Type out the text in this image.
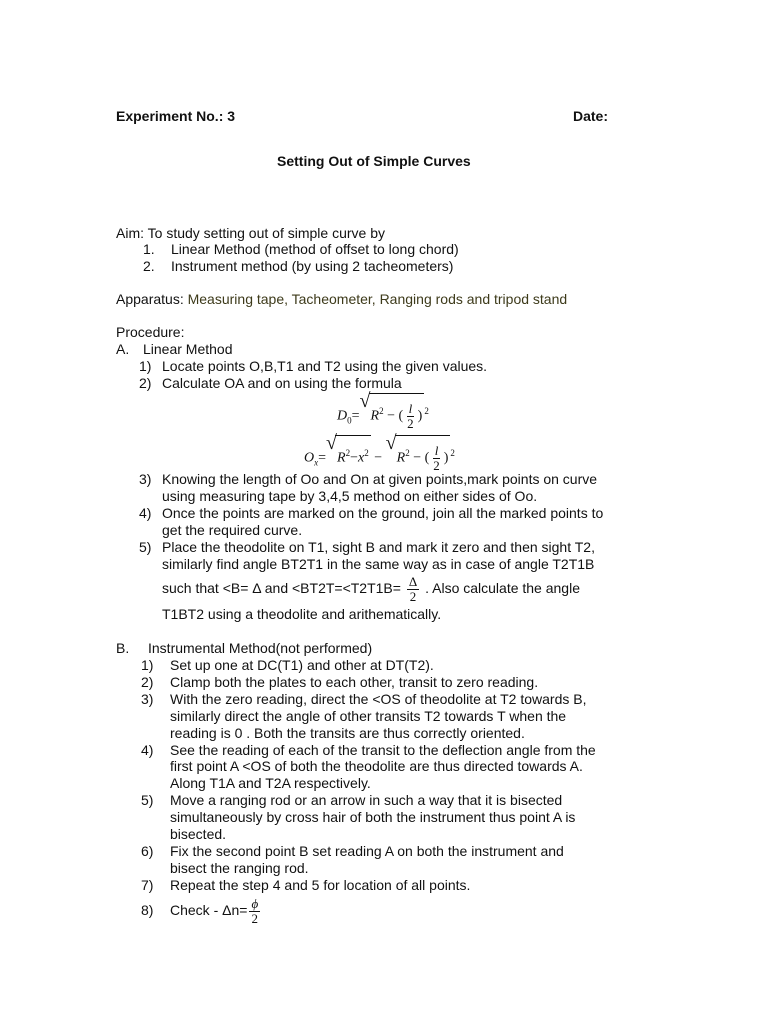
Experiment No.: 3	Date:
Setting Out of Simple Curves
Aim: To study setting out of simple curve by
1. Linear Method (method of offset to long chord)
2. Instrument method (by using 2 tacheometers)
Apparatus: Measuring tape, Tacheometer, Ranging rods and tripod stand
Procedure:
A. Linear Method
1) Locate points O,B,T1 and T2 using the given values.
2) Calculate OA and on using the formula
$D_0=$
√
$R^2$ − ( $\frac{l}{2}$ ) $^2$
$O_x=$
√
$R^2-x^2$ −
√
$R^2$ − ( $\frac{l}{2}$ ) $^2$
3) Knowing the length of Oo and On at given points,mark points on curve
using measuring tape by 3,4,5 method on either sides of Oo.
4) Once the points are marked on the ground, join all the marked points to
get the required curve.
5) Place the theodolite on T1, sight B and mark it zero and then sight T2,
similarly find angle BT2T1 in the same way as in case of angle T2T1B
such that <B= Δ and $<BT2T=<T2T1B= \frac{\Delta}{2}$ . Also calculate the angle
T1BT2 using a theodolite and arithematically.
B. Instrumental Method(not performed)
8) Check - $\Delta n= \frac{\phi}{2}$
1) Set up one at DC(T1) and other at DT(T2).
2) Clamp both the plates to each other, transit to zero reading.
3) With the zero reading, direct the <OS of theodolite at T2 towards B,
similarly direct the angle of other transits T2 towards T when the
reading is 0 . Both the transits are thus correctly oriented.
4) See the reading of each of the transit to the deflection angle from the
first point A <OS of both the theodolite are thus directed towards A.
Along T1A and T2A respectively.
5) Move a ranging rod or an arrow in such a way that it is bisected
simultaneously by cross hair of both the instrument thus point A is
bisected.
6) Fix the second point B set reading A on both the instrument and
bisect the ranging rod.
7) Repeat the step 4 and 5 for location of all points.
